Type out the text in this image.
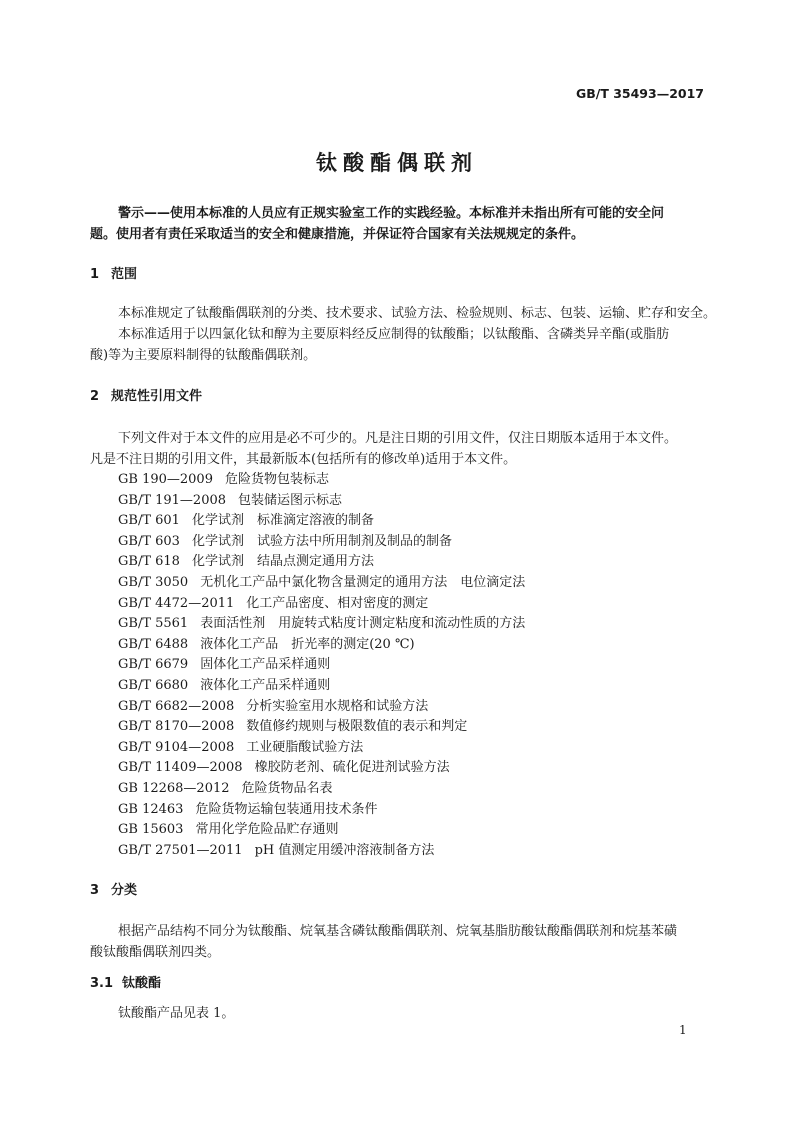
GB/T 35493—2017
钛酸酯偶联剂
警示——使用本标准的人员应有正规实验室工作的实践经验。本标准并未指出所有可能的安全问
题。使用者有责任采取适当的安全和健康措施，并保证符合国家有关法规规定的条件。
1 范围
本标准规定了钛酸酯偶联剂的分类、技术要求、试验方法、检验规则、标志、包装、运输、贮存和安全。
本标准适用于以四氯化钛和醇为主要原料经反应制得的钛酸酯；以钛酸酯、含磷类异辛酯(或脂肪
酸)等为主要原料制得的钛酸酯偶联剂。
2 规范性引用文件
下列文件对于本文件的应用是必不可少的。凡是注日期的引用文件，仅注日期版本适用于本文件。
凡是不注日期的引用文件，其最新版本(包括所有的修改单)适用于本文件。
GB 190—2009 危险货物包装标志
GB/T 191—2008 包装储运图示标志
GB/T 601 化学试剂　标准滴定溶液的制备
GB/T 603 化学试剂　试验方法中所用制剂及制品的制备
GB/T 618 化学试剂　结晶点测定通用方法
GB/T 3050 无机化工产品中氯化物含量测定的通用方法　电位滴定法
GB/T 4472—2011 化工产品密度、相对密度的测定
GB/T 5561 表面活性剂　用旋转式粘度计测定粘度和流动性质的方法
GB/T 6488 液体化工产品　折光率的测定(20 ℃)
GB/T 6679 固体化工产品采样通则
GB/T 6680 液体化工产品采样通则
GB/T 6682—2008 分析实验室用水规格和试验方法
GB/T 8170—2008 数值修约规则与极限数值的表示和判定
GB/T 9104—2008 工业硬脂酸试验方法
GB/T 11409—2008 橡胶防老剂、硫化促进剂试验方法
GB 12268—2012 危险货物品名表
GB 12463 危险货物运输包装通用技术条件
GB 15603 常用化学危险品贮存通则
GB/T 27501—2011 pH 值测定用缓冲溶液制备方法
3 分类
根据产品结构不同分为钛酸酯、烷氧基含磷钛酸酯偶联剂、烷氧基脂肪酸钛酸酯偶联剂和烷基苯磺
酸钛酸酯偶联剂四类。
3.1 钛酸酯
钛酸酯产品见表 1。
1
